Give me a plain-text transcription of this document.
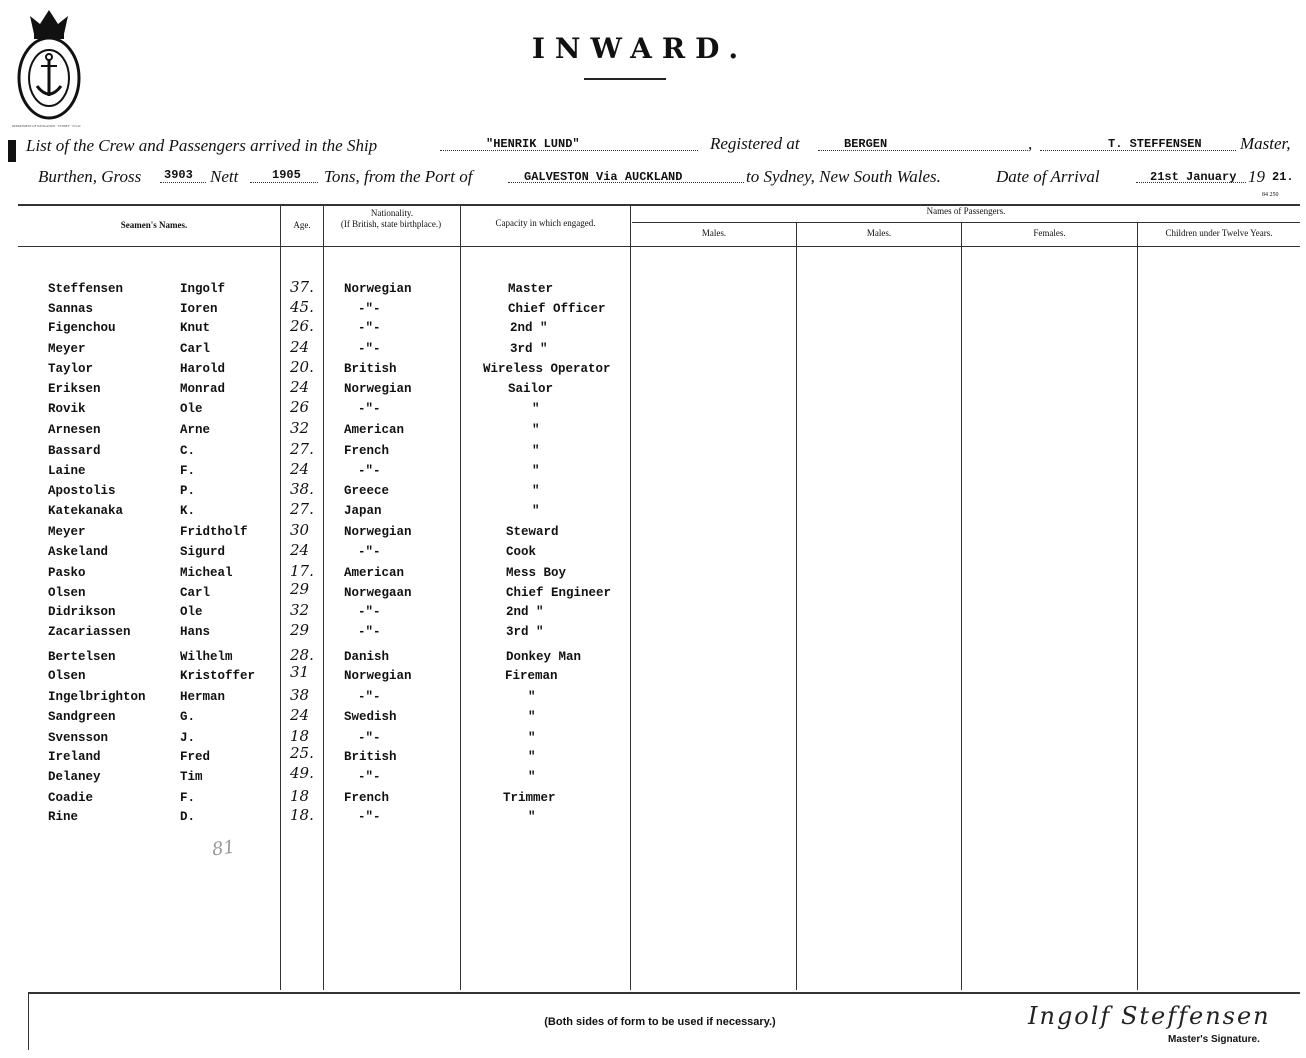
DEPARTMENT OF NAVIGATION · SYDNEY · N.S.W.
INWARD.
List of the Crew and Passengers arrived in the Ship	"HENRIK LUND"	Registered at	BERGEN	,	T. STEFFENSEN Master,
Burthen, Gross 3903 Nett	1905 Tons, from the Port of	GALVESTON Via AUCKLAND	to Sydney, New South Wales.	Date of Arrival	21st January 19 21.
84 250
Seamen's Names.	Age.
Nationality.
(If British, state birthplace.)	Capacity in which engaged.
Names of Passengers.
Males.	Males.	Females.	Children under Twelve Years.
Steffensen	Ingolf	37. Norwegian	Master
Sannas	Ioren	45.	-"-	Chief Officer
Figenchou	Knut	26.	-"-	2nd "
Meyer	Carl	24	-"-	3rd "
Taylor	Harold	20. British	Wireless Operator
Eriksen	Monrad	24	Norwegian	Sailor
Rovik	Ole	26	-"-	"
Arnesen	Arne	32	American	"
Bassard	C.	27. French	"
Laine	F.	24	-"-	"
Apostolis	P.	38. Greece	"
Katekanaka	K.	27. Japan	"
Meyer	Fridtholf	30	Norwegian	Steward
Askeland	Sigurd	24	-"-	Cook
Pasko	Micheal	17. American	Mess Boy
Olsen	Carl	29	Norwegaan	Chief Engineer
Didrikson	Ole	32	-"-	2nd "
Zacariassen	Hans	29	-"-	3rd "
Bertelsen	Wilhelm	28. Danish	Donkey Man
Olsen	Kristoffer 31	Norwegian	Fireman
Ingelbrighton	Herman	38	-"-	"
Sandgreen	G.	24	Swedish	"
Svensson	J.	18	-"-	"
Ireland	Fred	25. British	"
Delaney	Tim	49.	-"-	"
Coadie	F.	18	French	Trimmer
Rine	D.	18.	-"-	"
81
(Both sides of form to be used if necessary.)	Ingolf Steffensen
Master's Signature.
